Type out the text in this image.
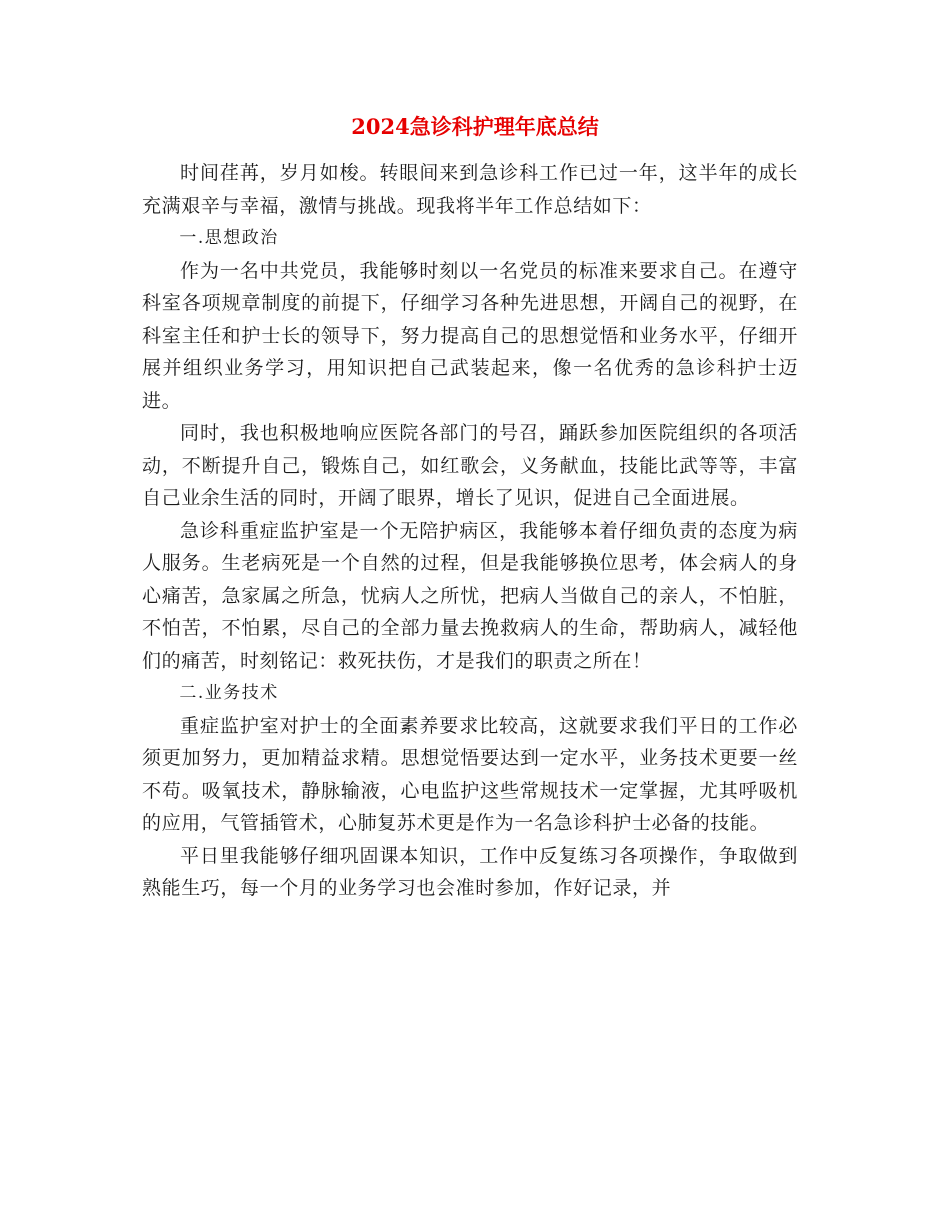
2024急诊科护理年底总结

时间荏苒，岁月如梭。转眼间来到急诊科工作已过一年，这半年的成长充满艰辛与幸福，激情与挑战。现我将半年工作总结如下：

一.思想政治

作为一名中共党员，我能够时刻以一名党员的标准来要求自己。在遵守科室各项规章制度的前提下，仔细学习各种先进思想，开阔自己的视野，在科室主任和护士长的领导下，努力提高自己的思想觉悟和业务水平，仔细开展并组织业务学习，用知识把自己武装起来，像一名优秀的急诊科护士迈进。

同时，我也积极地响应医院各部门的号召，踊跃参加医院组织的各项活动，不断提升自己，锻炼自己，如红歌会，义务献血，技能比武等等，丰富自己业余生活的同时，开阔了眼界，增长了见识，促进自己全面进展。

急诊科重症监护室是一个无陪护病区，我能够本着仔细负责的态度为病人服务。生老病死是一个自然的过程，但是我能够换位思考，体会病人的身心痛苦，急家属之所急，忧病人之所忧，把病人当做自己的亲人，不怕脏，不怕苦，不怕累，尽自己的全部力量去挽救病人的生命，帮助病人，减轻他们的痛苦，时刻铭记：救死扶伤，才是我们的职责之所在！

二.业务技术

重症监护室对护士的全面素养要求比较高，这就要求我们平日的工作必须更加努力，更加精益求精。思想觉悟要达到一定水平，业务技术更要一丝不苟。吸氧技术，静脉输液，心电监护这些常规技术一定掌握，尤其呼吸机的应用，气管插管术，心肺复苏术更是作为一名急诊科护士必备的技能。

平日里我能够仔细巩固课本知识，工作中反复练习各项操作，争取做到熟能生巧，每一个月的业务学习也会准时参加，作好记录，并
